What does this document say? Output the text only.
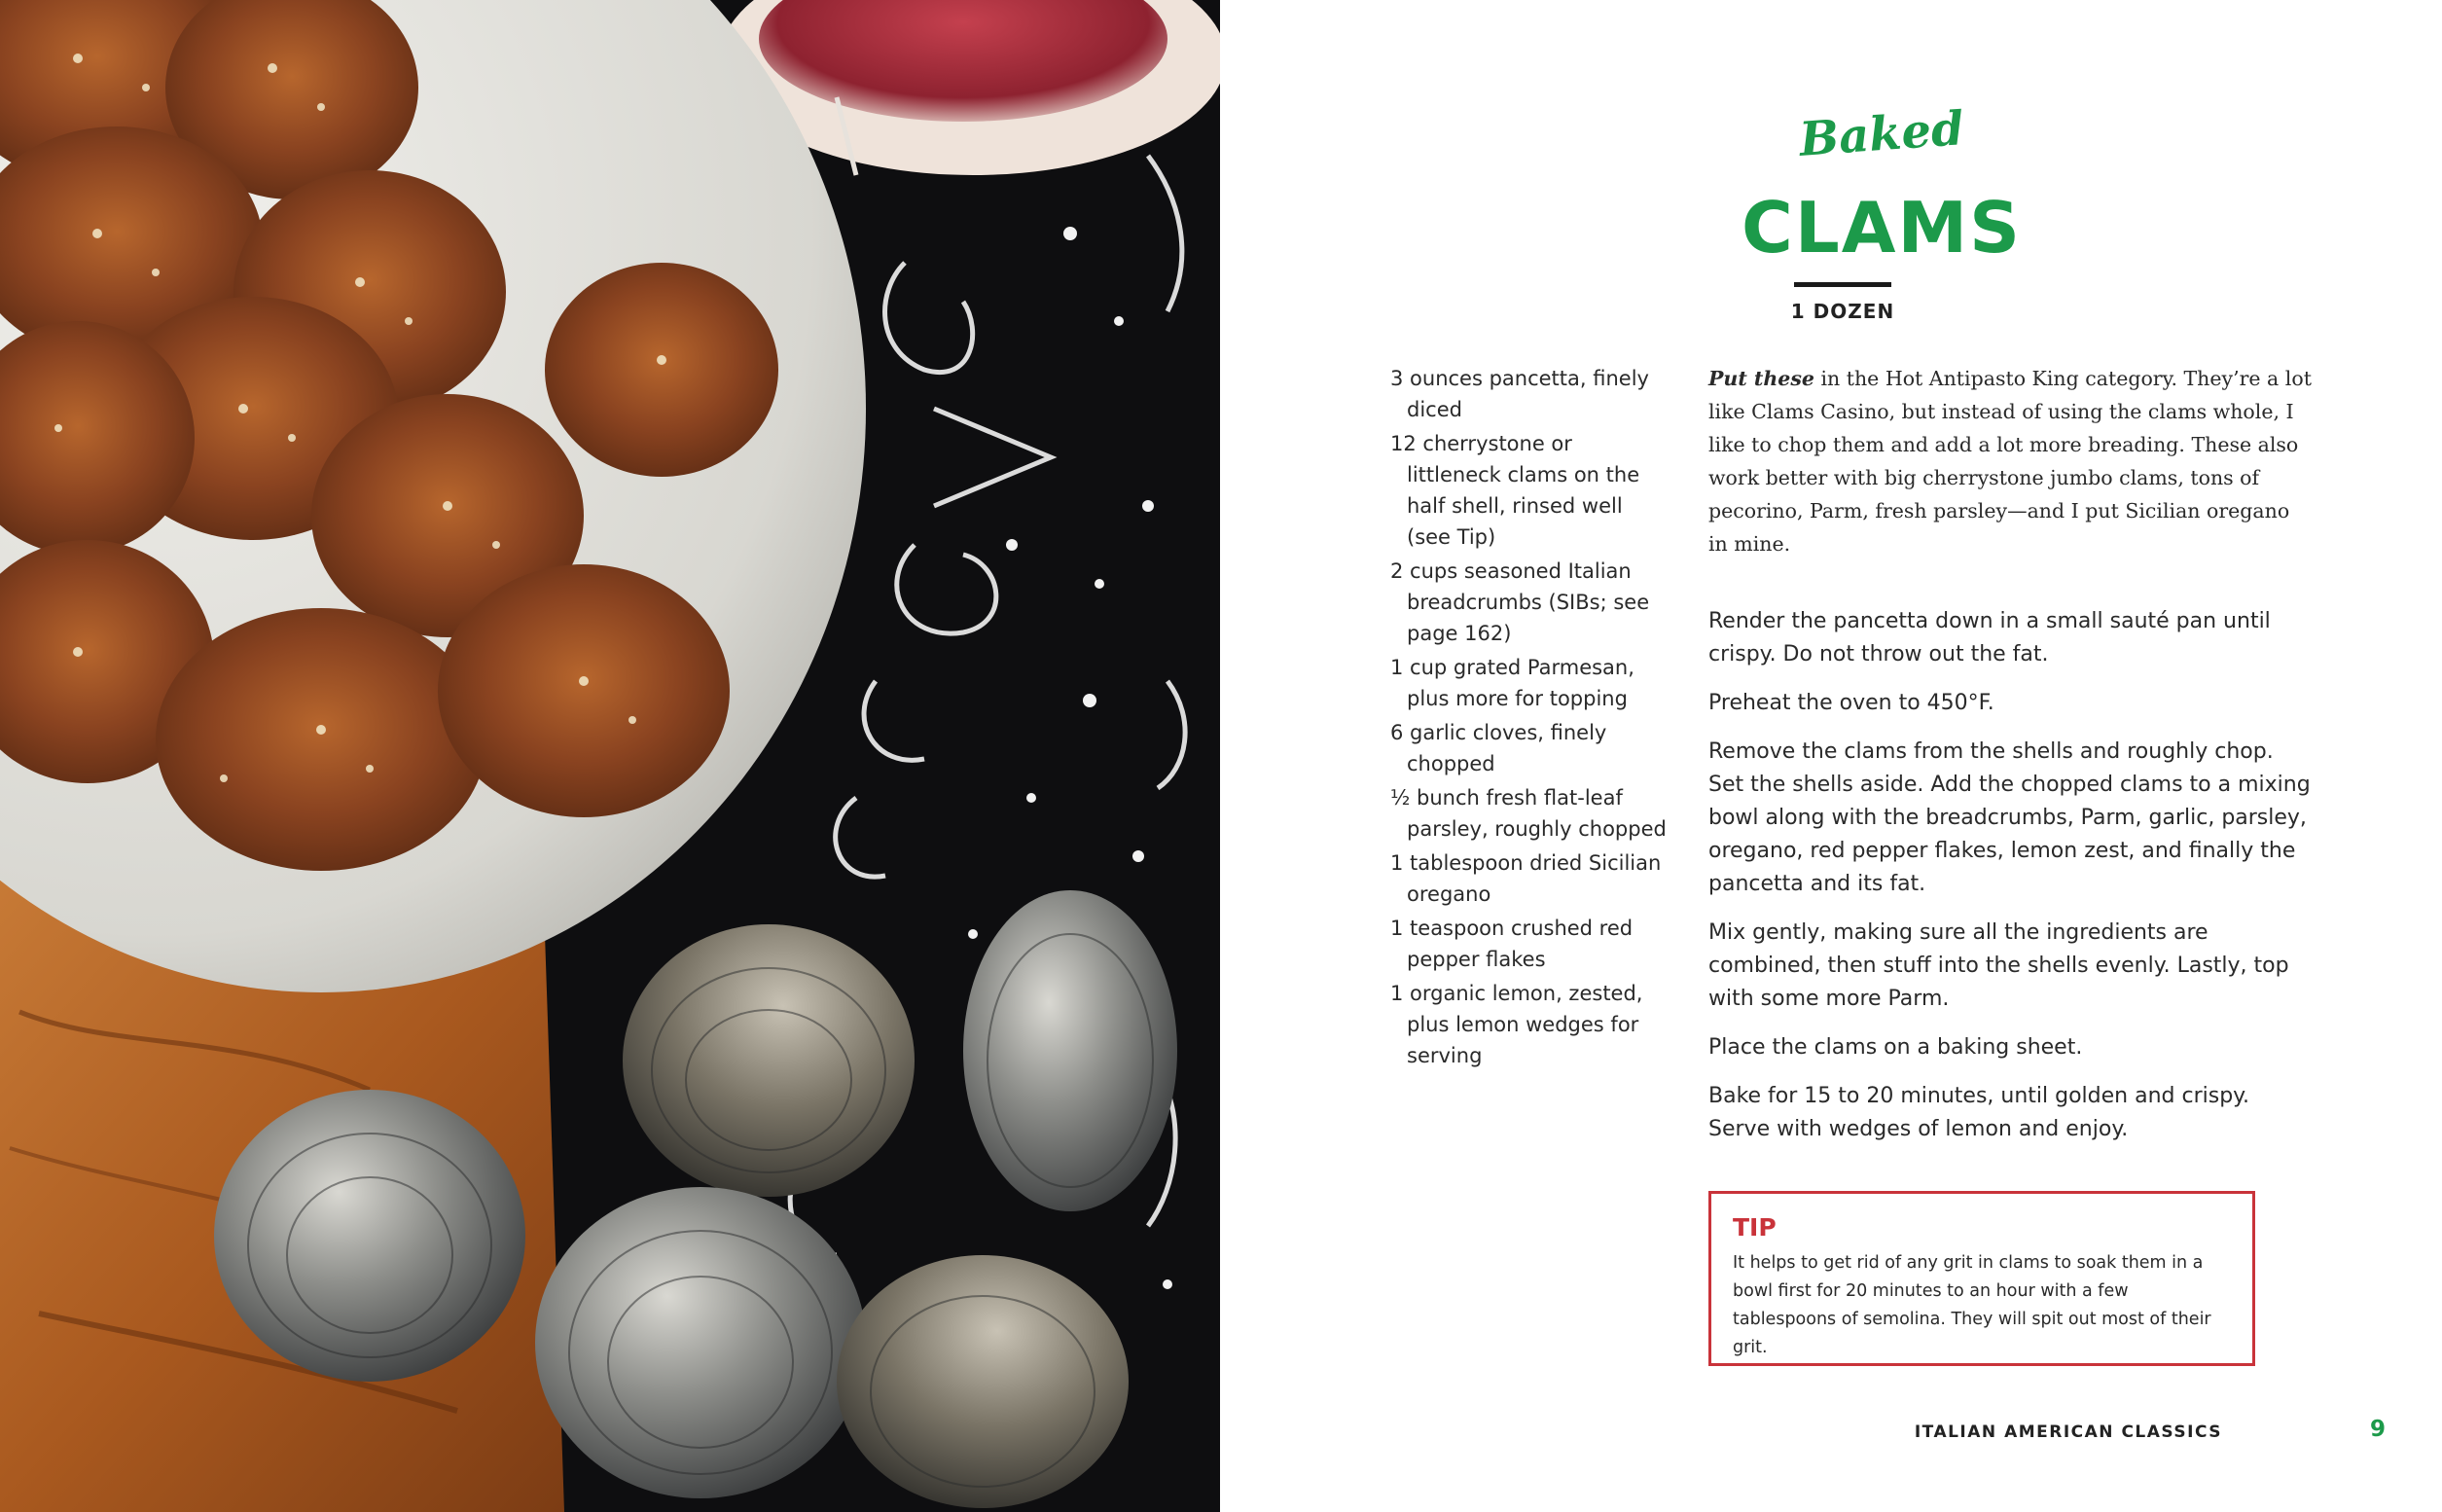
Baked
CLAMS
1 DOZEN
3 ounces pancetta, finely diced
12 cherrystone or littleneck clams on the half shell, rinsed well (see Tip)
2 cups seasoned Italian breadcrumbs (SIBs; see page 162)
1 cup grated Parmesan, plus more for topping
6 garlic cloves, finely chopped
½ bunch fresh flat-leaf parsley, roughly chopped
1 tablespoon dried Sicilian oregano
1 teaspoon crushed red pepper flakes
1 organic lemon, zested, plus lemon wedges for serving
Put these in the Hot Antipasto King category. They’re a lot like Clams Casino, but instead of using the clams whole, I like to chop them and add a lot more breading. These also work better with big cherrystone jumbo clams, tons of pecorino, Parm, fresh parsley—and I put Sicilian oregano in mine.

Render the pancetta down in a small sauté pan until crispy. Do not throw out the fat.

Preheat the oven to 450°F.

Remove the clams from the shells and roughly chop. Set the shells aside. Add the chopped clams to a mixing bowl along with the breadcrumbs, Parm, garlic, parsley, oregano, red pepper flakes, lemon zest, and finally the pancetta and its fat.

Mix gently, making sure all the ingredients are combined, then stuff into the shells evenly. Lastly, top with some more Parm.

Place the clams on a baking sheet.

Bake for 15 to 20 minutes, until golden and crispy. Serve with wedges of lemon and enjoy.

TIP
It helps to get rid of any grit in clams to soak them in a bowl first for 20 minutes to an hour with a few tablespoons of semolina. They will spit out most of their grit.
ITALIAN AMERICAN CLASSICS	9
